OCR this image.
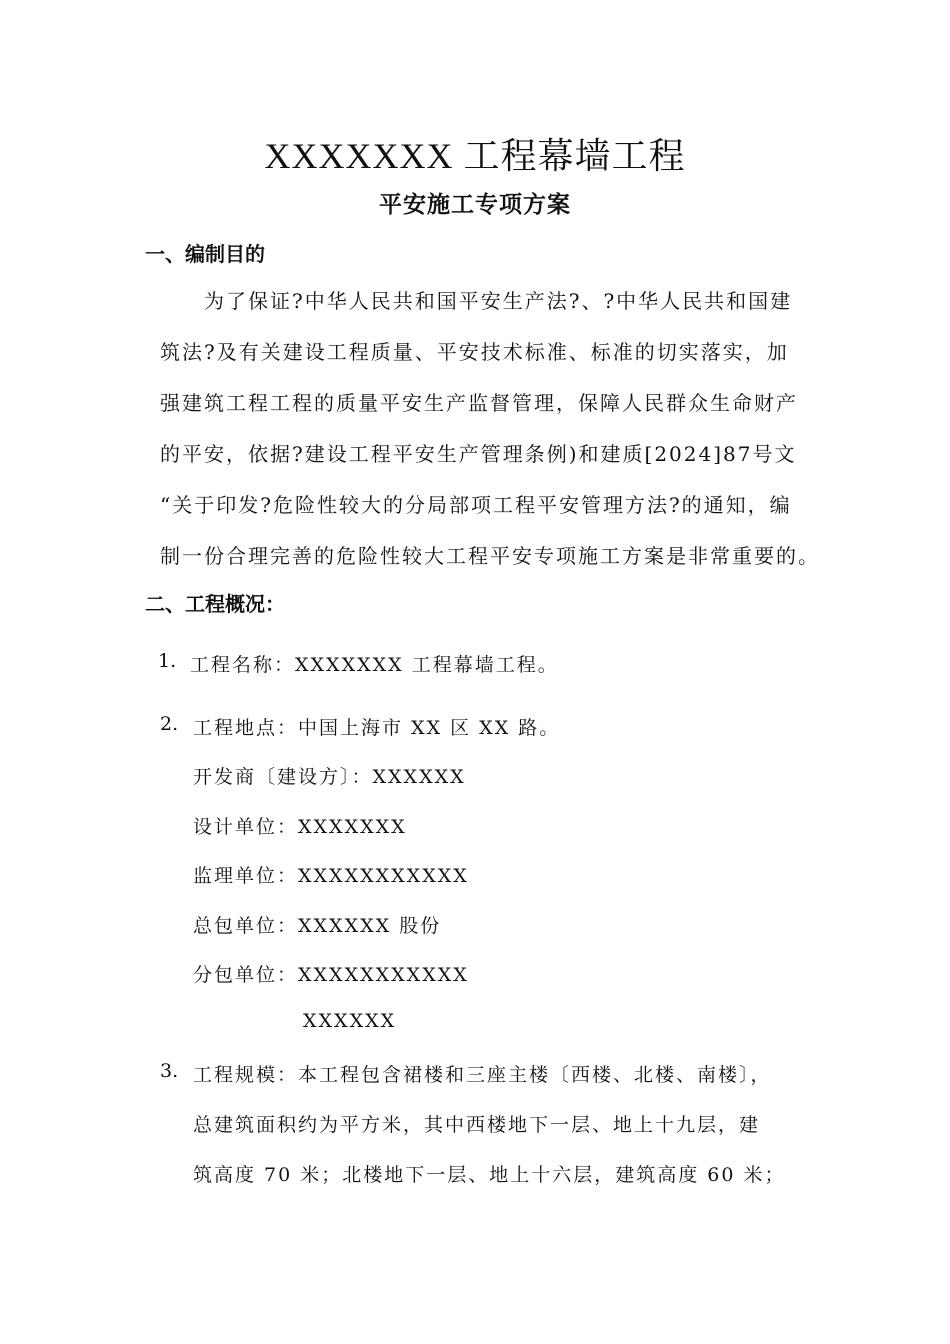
XXXXXXX 工程幕墙工程
平安施工专项方案
一、编制目的
为了保证?中华人民共和国平安生产法?、?中华人民共和国建
筑法?及有关建设工程质量、平安技术标准、标准的切实落实，加
强建筑工程工程的质量平安生产监督管理，保障人民群众生命财产
的平安，依据?建设工程平安生产管理条例)和建质[2024]87号文
“关于印发?危险性较大的分局部项工程平安管理方法?的通知，编
制一份合理完善的危险性较大工程平安专项施工方案是非常重要的。
二、工程概况：
1. 工程名称：XXXXXXX 工程幕墙工程。
2. 工程地点：中国上海市 XX 区 XX 路。
开发商〔建设方〕：XXXXXX
设计单位：XXXXXXX
监理单位：XXXXXXXXXXX
总包单位：XXXXXX 股份
分包单位：XXXXXXXXXXX
XXXXXX
3. 工程规模：本工程包含裙楼和三座主楼〔西楼、北楼、南楼〕，
总建筑面积约为平方米，其中西楼地下一层、地上十九层，建
筑高度 70 米；北楼地下一层、地上十六层，建筑高度 60 米；
